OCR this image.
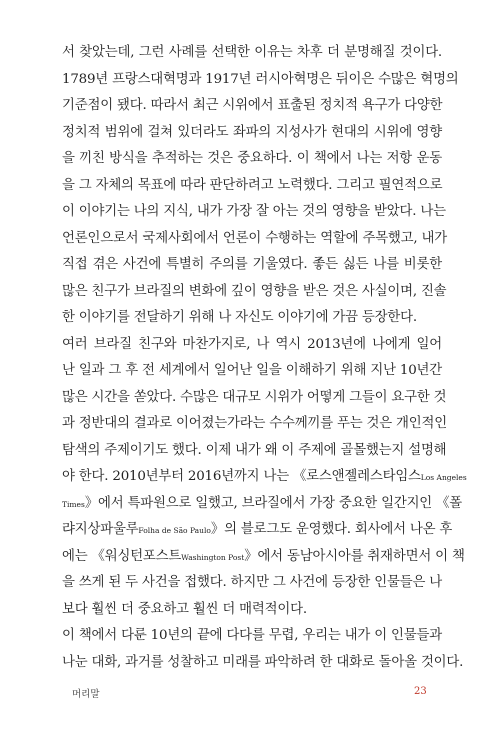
서 찾았는데, 그런 사례를 선택한 이유는 차후 더 분명해질 것이다.
1789년 프랑스대혁명과 1917년 러시아혁명은 뒤이은 수많은 혁명의
기준점이 됐다. 따라서 최근 시위에서 표출된 정치적 욕구가 다양한
정치적 범위에 걸쳐 있더라도 좌파의 지성사가 현대의 시위에 영향
을 끼친 방식을 추적하는 것은 중요하다. 이 책에서 나는 저항 운동
을 그 자체의 목표에 따라 판단하려고 노력했다. 그리고 필연적으로
이 이야기는 나의 지식, 내가 가장 잘 아는 것의 영향을 받았다. 나는
언론인으로서 국제사회에서 언론이 수행하는 역할에 주목했고, 내가
직접 겪은 사건에 특별히 주의를 기울였다. 좋든 싫든 나를 비롯한
많은 친구가 브라질의 변화에 깊이 영향을 받은 것은 사실이며, 진솔
한 이야기를 전달하기 위해 나 자신도 이야기에 가끔 등장한다.
여러 브라질 친구와 마찬가지로, 나 역시 2013년에 나에게 일어
난 일과 그 후 전 세계에서 일어난 일을 이해하기 위해 지난 10년간
많은 시간을 쏟았다. 수많은 대규모 시위가 어떻게 그들이 요구한 것
과 정반대의 결과로 이어졌는가라는 수수께끼를 푸는 것은 개인적인
탐색의 주제이기도 했다. 이제 내가 왜 이 주제에 골몰했는지 설명해
야 한다. 2010년부터 2016년까지 나는 《로스앤젤레스타임스Los Angeles
Times》에서 특파원으로 일했고, 브라질에서 가장 중요한 일간지인 《폴
랴지상파울루Folha de São Paulo》의 블로그도 운영했다. 회사에서 나온 후
에는 《워싱턴포스트Washington Post》에서 동남아시아를 취재하면서 이 책
을 쓰게 된 두 사건을 접했다. 하지만 그 사건에 등장한 인물들은 나
보다 훨씬 더 중요하고 훨씬 더 매력적이다.
이 책에서 다룬 10년의 끝에 다다를 무렵, 우리는 내가 이 인물들과
나눈 대화, 과거를 성찰하고 미래를 파악하려 한 대화로 돌아올 것이다.
머리말	23
